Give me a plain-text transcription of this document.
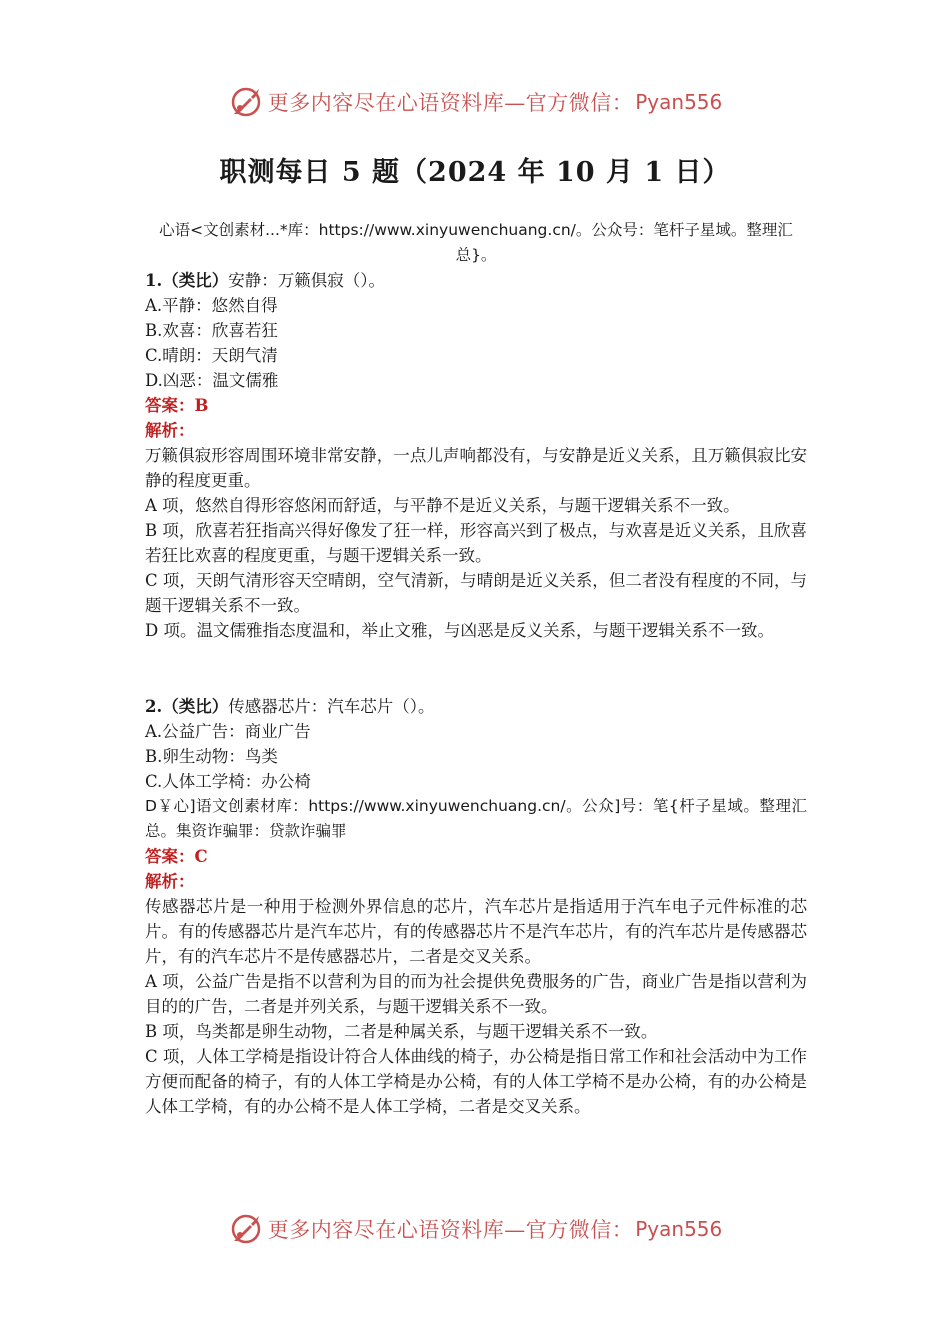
更多内容尽在心语资料库—官方微信： Pyan556
职测每日 5 题（2024 年 10 月 1 日）

心语<文创素材...*库：https://www.xinyuwenchuang.cn/。公众号：笔杆子星域。整理汇总}。

1.（类比）安静：万籁俱寂（）。

A.平静：悠然自得

B.欢喜：欣喜若狂

C.晴朗：天朗气清

D.凶恶：温文儒雅

答案：B

解析：

万籁俱寂形容周围环境非常安静，一点儿声响都没有，与安静是近义关系，且万籁俱寂比安静的程度更重。

A 项，悠然自得形容悠闲而舒适，与平静不是近义关系，与题干逻辑关系不一致。

B 项，欣喜若狂指高兴得好像发了狂一样，形容高兴到了极点，与欢喜是近义关系，且欣喜若狂比欢喜的程度更重，与题干逻辑关系一致。

C 项，天朗气清形容天空晴朗，空气清新，与晴朗是近义关系，但二者没有程度的不同，与题干逻辑关系不一致。

D 项。温文儒雅指态度温和，举止文雅，与凶恶是反义关系，与题干逻辑关系不一致。

2.（类比）传感器芯片：汽车芯片（）。

A.公益广告：商业广告

B.卵生动物：鸟类

C.人体工学椅：办公椅

D￥心]语文创素材库：https://www.xinyuwenchuang.cn/。公众]号：笔{杆子星域。整理汇总。集资诈骗罪：贷款诈骗罪

答案：C

解析：

传感器芯片是一种用于检测外界信息的芯片，汽车芯片是指适用于汽车电子元件标准的芯片。有的传感器芯片是汽车芯片，有的传感器芯片不是汽车芯片，有的汽车芯片是传感器芯片，有的汽车芯片不是传感器芯片，二者是交叉关系。

A 项，公益广告是指不以营利为目的而为社会提供免费服务的广告，商业广告是指以营利为目的的广告，二者是并列关系，与题干逻辑关系不一致。

B 项，鸟类都是卵生动物，二者是种属关系，与题干逻辑关系不一致。

C 项，人体工学椅是指设计符合人体曲线的椅子，办公椅是指日常工作和社会活动中为工作方便而配备的椅子，有的人体工学椅是办公椅，有的人体工学椅不是办公椅，有的办公椅是人体工学椅，有的办公椅不是人体工学椅，二者是交叉关系。

更多内容尽在心语资料库—官方微信： Pyan556
